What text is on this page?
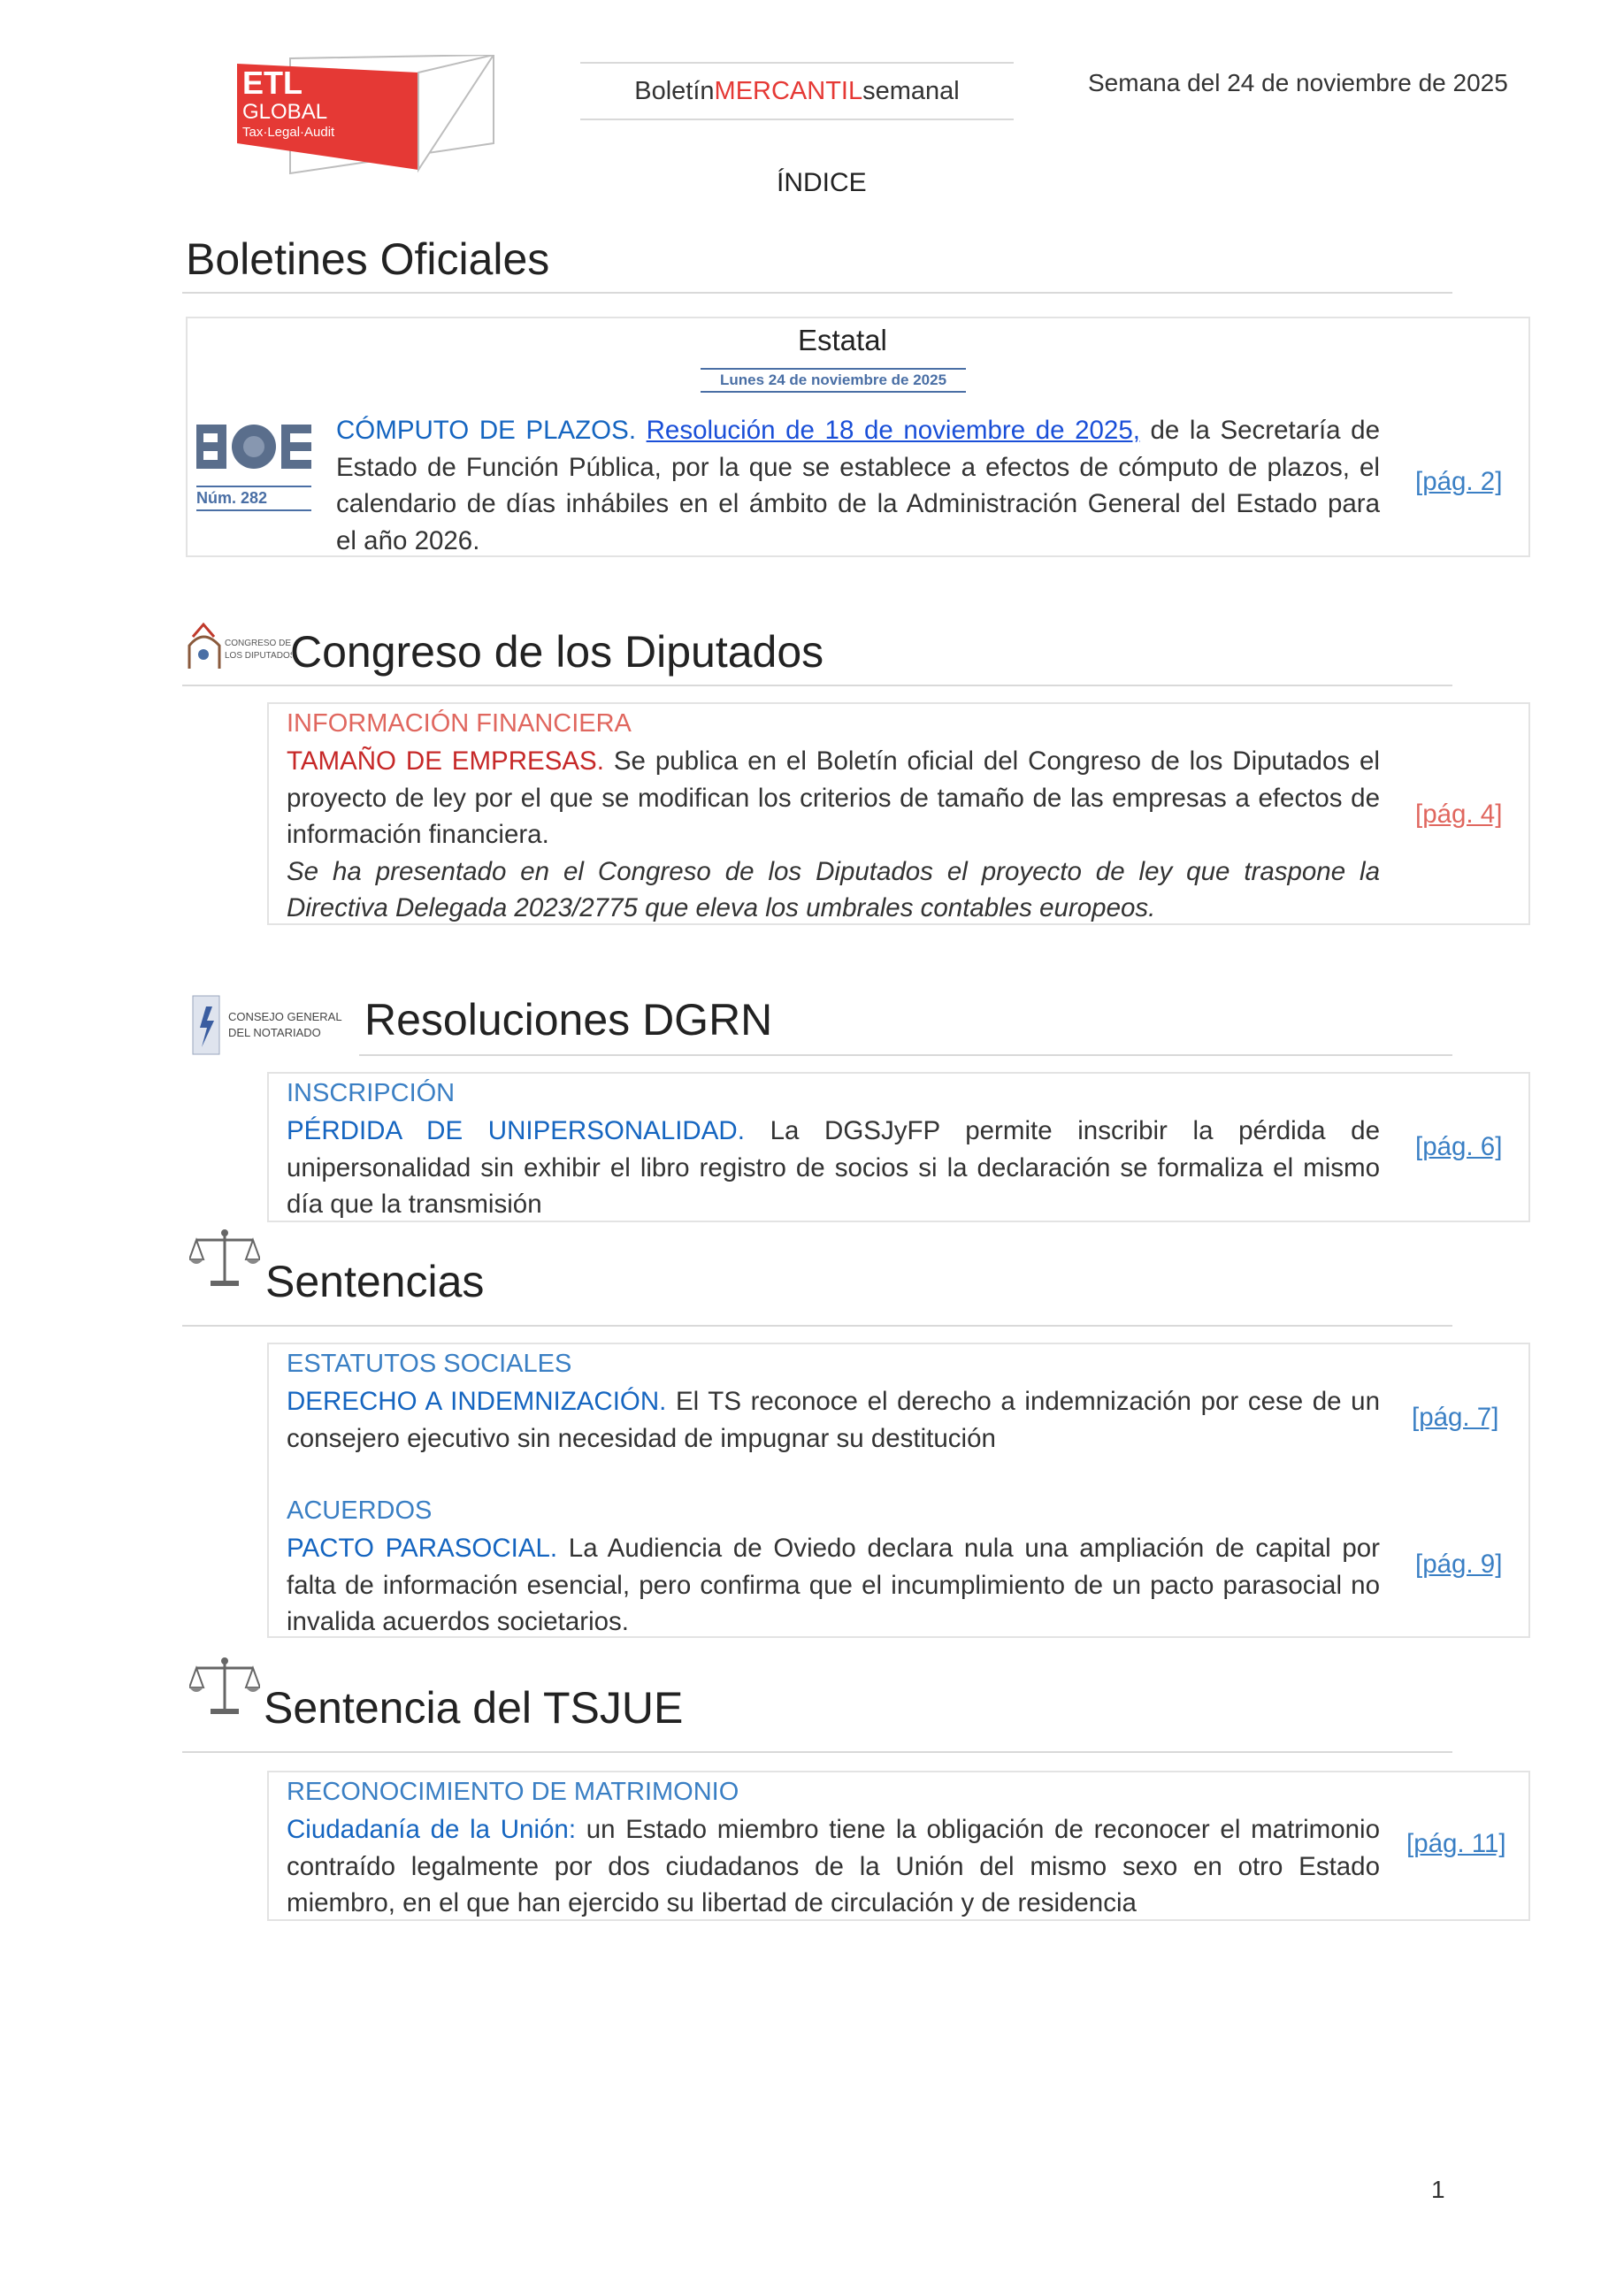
ETL
GLOBAL
Tax·Legal·Audit
Boletín MERCANTIL semanal	Semana del 24 de noviembre de 2025
ÍNDICE
Boletines Oficiales
Estatal
Lunes 24 de noviembre de 2025
Núm. 282
CÓMPUTO DE PLAZOS. Resolución de 18 de noviembre de 2025, de la Secretaría de
Estado de Función Pública, por la que se establece a efectos de cómputo de plazos, el
calendario de días inhábiles en el ámbito de la Administración General del Estado para
el año 2026.
[pág. 2]
CONGRESO DE
LOS DIPUTADOS
Congreso de los Diputados
INFORMACIÓN FINANCIERA
TAMAÑO DE EMPRESAS. Se publica en el Boletín oficial del Congreso de los Diputados el proyecto de ley por el que se modifican los criterios de tamaño de las empresas a efectos de información financiera.
Se ha presentado en el Congreso de los Diputados el proyecto de ley que traspone la Directiva Delegada 2023/2775 que eleva los umbrales contables europeos.
[pág. 4]
CONSEJO GENERAL
DEL NOTARIADO Resoluciones DGRN
INSCRIPCIÓN
PÉRDIDA DE UNIPERSONALIDAD. La DGSJyFP permite inscribir la pérdida de unipersonalidad sin exhibir el libro registro de socios si la declaración se formaliza el mismo día que la transmisión
[pág. 6]
Sentencias
ESTATUTOS SOCIALES
DERECHO A INDEMNIZACIÓN. El TS reconoce el derecho a indemnización por cese de un consejero ejecutivo sin necesidad de impugnar su destitución
[pág. 7]
ACUERDOS
PACTO PARASOCIAL. La Audiencia de Oviedo declara nula una ampliación de capital por falta de información esencial, pero confirma que el incumplimiento de un pacto parasocial no invalida acuerdos societarios.
[pág. 9]
Sentencia del TSJUE
RECONOCIMIENTO DE MATRIMONIO
Ciudadanía de la Unión: un Estado miembro tiene la obligación de reconocer el matrimonio contraído legalmente por dos ciudadanos de la Unión del mismo sexo en otro Estado miembro, en el que han ejercido su libertad de circulación y de residencia
[pág. 11]
1
